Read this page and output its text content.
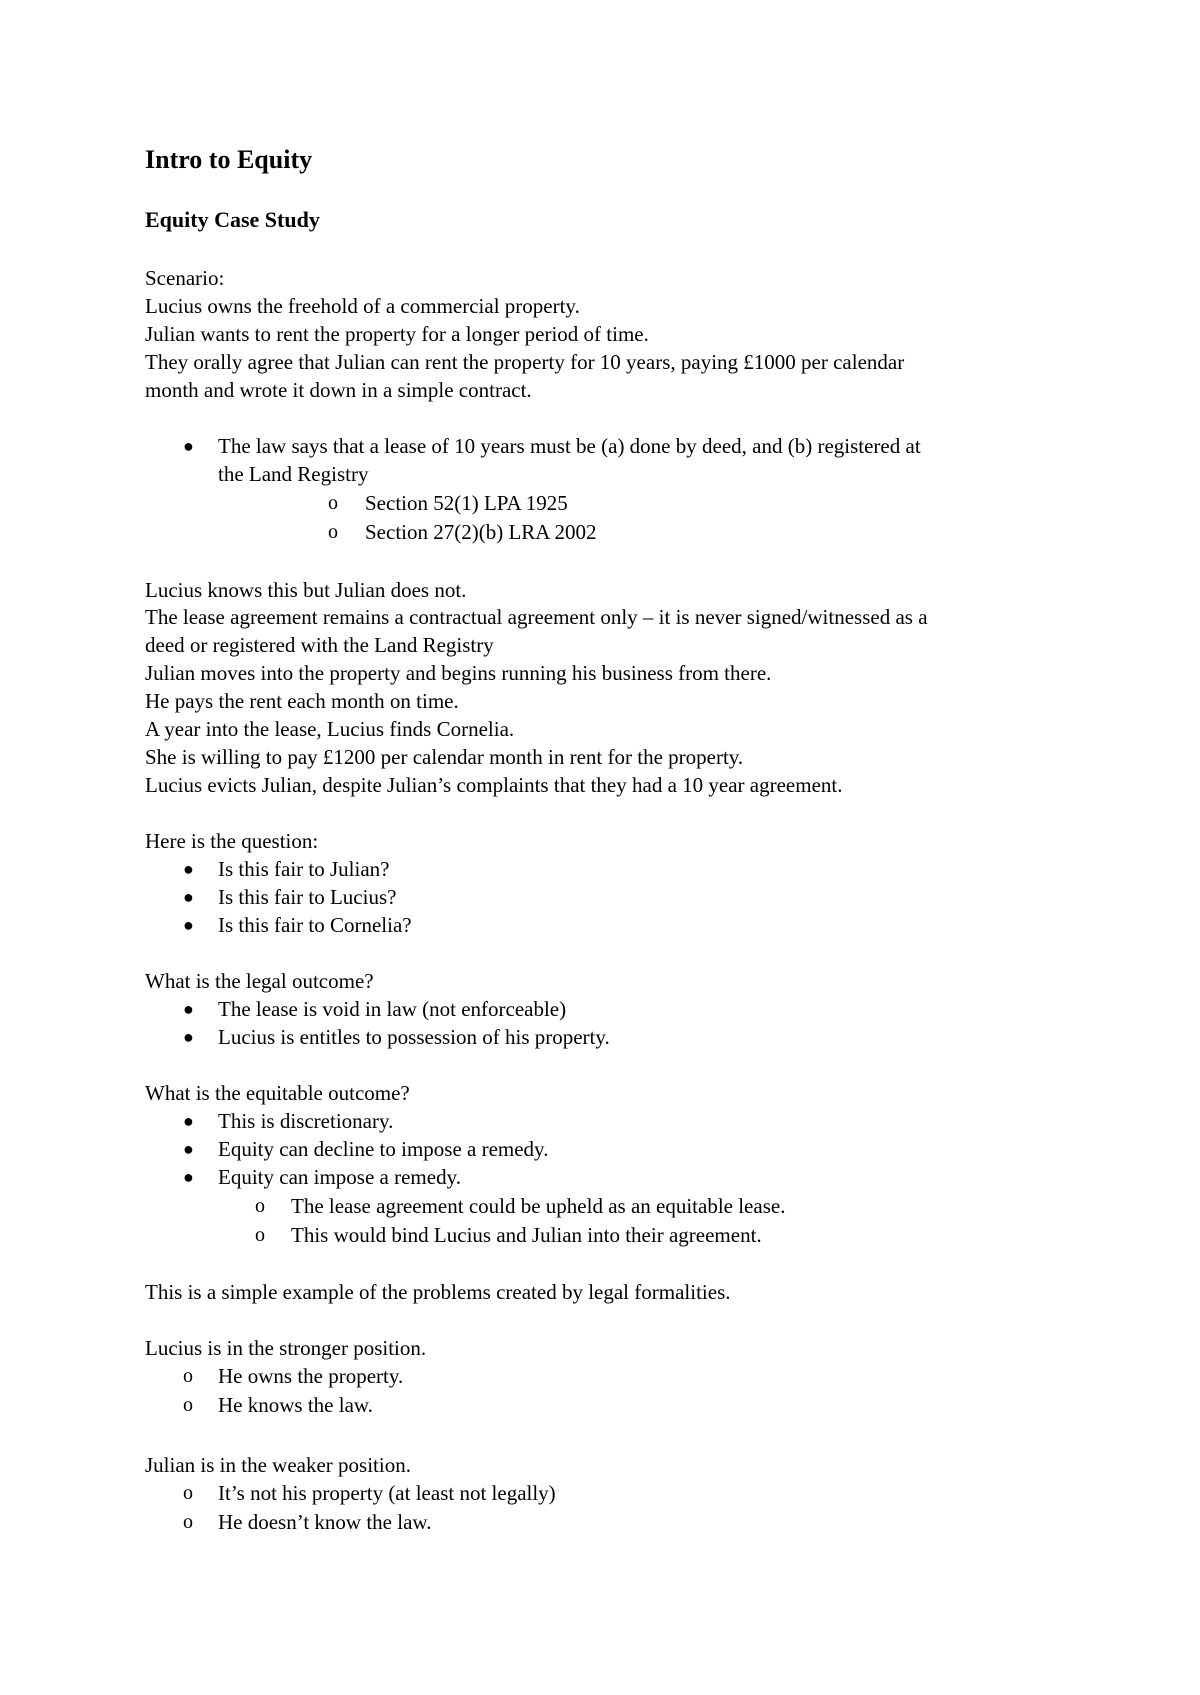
Intro to Equity
Equity Case Study

Scenario:

Lucius owns the freehold of a commercial property.

Julian wants to rent the property for a longer period of time.

They orally agree that Julian can rent the property for 10 years, paying £1000 per calendar

month and wrote it down in a simple contract.

● The law says that a lease of 10 years must be (a) done by deed, and (b) registered at

the Land Registry

o Section 52(1) LPA 1925

o Section 27(2)(b) LRA 2002

Lucius knows this but Julian does not.

The lease agreement remains a contractual agreement only – it is never signed/witnessed as a

deed or registered with the Land Registry

Julian moves into the property and begins running his business from there.

He pays the rent each month on time.

A year into the lease, Lucius finds Cornelia.

She is willing to pay £1200 per calendar month in rent for the property.

Lucius evicts Julian, despite Julian’s complaints that they had a 10 year agreement.

Here is the question:

● Is this fair to Julian?

● Is this fair to Lucius?

● Is this fair to Cornelia?

What is the legal outcome?

● The lease is void in law (not enforceable)

● Lucius is entitles to possession of his property.

What is the equitable outcome?

● This is discretionary.

● Equity can decline to impose a remedy.

● Equity can impose a remedy.

o The lease agreement could be upheld as an equitable lease.

o This would bind Lucius and Julian into their agreement.

This is a simple example of the problems created by legal formalities.

Lucius is in the stronger position.

o He owns the property.

o He knows the law.

Julian is in the weaker position.

o It’s not his property (at least not legally)

o He doesn’t know the law.
